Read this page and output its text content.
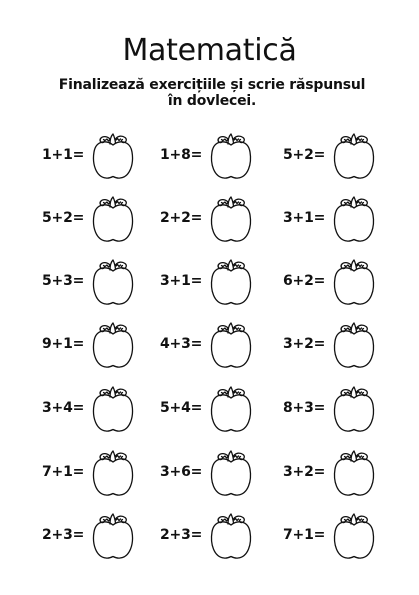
Matematică
Finalizează exercițiile și scrie răspunsul în dovlecei.
1+1=	1+8=	5+2=
5+2=	2+2=	3+1=
5+3=	3+1=	6+2=
9+1=	4+3=	3+2=
3+4=	5+4=	8+3=
7+1=	3+6=	3+2=
2+3=	2+3=	7+1=
